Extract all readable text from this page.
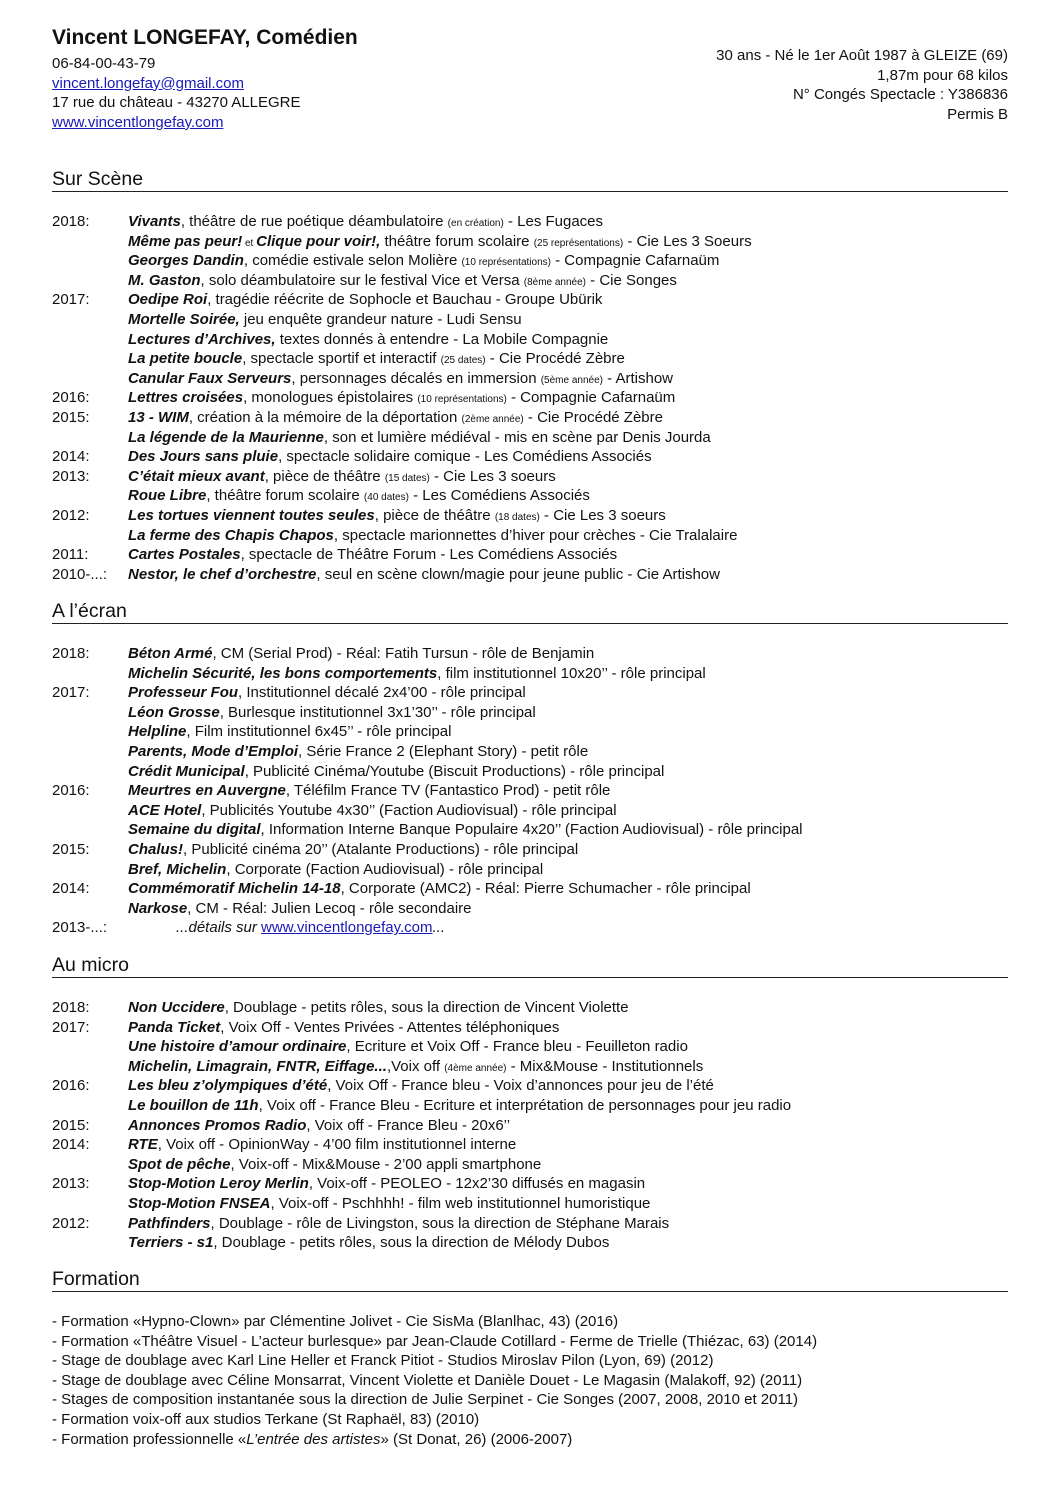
Vincent LONGEFAY, Comédien
06-84-00-43-79
vincent.longefay@gmail.com
17 rue du château - 43270 ALLEGRE
www.vincentlongefay.com
30 ans - Né le 1er Août 1987 à GLEIZE (69)
1,87m pour 68 kilos
N° Congés Spectacle : Y386836
Permis B
Sur Scène
2018:	Vivants, théâtre de rue poétique déambulatoire (en création) - Les Fugaces
Même pas peur! et Clique pour voir!, théâtre forum scolaire (25 représentations) - Cie Les 3 Soeurs
Georges Dandin, comédie estivale selon Molière (10 représentations) - Compagnie Cafarnaüm
M. Gaston, solo déambulatoire sur le festival Vice et Versa (8ème année) - Cie Songes
2017:	Oedipe Roi, tragédie réécrite de Sophocle et Bauchau - Groupe Ubürik
Mortelle Soirée, jeu enquête grandeur nature - Ludi Sensu
Lectures d’Archives, textes donnés à entendre - La Mobile Compagnie
La petite boucle, spectacle sportif et interactif (25 dates) - Cie Procédé Zèbre
Canular Faux Serveurs, personnages décalés en immersion (5ème année) - Artishow
2016:	Lettres croisées, monologues épistolaires (10 représentations) - Compagnie Cafarnaüm
2015:	13 - WIM, création à la mémoire de la déportation (2ème année) - Cie Procédé Zèbre
La légende de la Maurienne, son et lumière médiéval - mis en scène par Denis Jourda
2014:	Des Jours sans pluie, spectacle solidaire comique - Les Comédiens Associés
2013:	C’était mieux avant, pièce de théâtre (15 dates) - Cie Les 3 soeurs
Roue Libre, théâtre forum scolaire (40 dates) - Les Comédiens Associés
2012:	Les tortues viennent toutes seules, pièce de théâtre (18 dates) - Cie Les 3 soeurs
La ferme des Chapis Chapos, spectacle marionnettes d’hiver pour crèches - Cie Tralalaire
2011:	Cartes Postales, spectacle de Théâtre Forum - Les Comédiens Associés
2010-...:	Nestor, le chef d’orchestre, seul en scène clown/magie pour jeune public - Cie Artishow
A l’écran
2018:	Béton Armé, CM (Serial Prod) - Réal: Fatih Tursun - rôle de Benjamin
Michelin Sécurité, les bons comportements, film institutionnel 10x20’’ - rôle principal
2017:	Professeur Fou, Institutionnel décalé 2x4’00 - rôle principal
Léon Grosse, Burlesque institutionnel 3x1’30’’ - rôle principal
Helpline, Film institutionnel 6x45’’ - rôle principal
Parents, Mode d’Emploi, Série France 2 (Elephant Story) - petit rôle
Crédit Municipal, Publicité Cinéma/Youtube (Biscuit Productions) - rôle principal
2016:	Meurtres en Auvergne, Téléfilm France TV (Fantastico Prod) - petit rôle
ACE Hotel, Publicités Youtube 4x30’’ (Faction Audiovisual) - rôle principal
Semaine du digital, Information Interne Banque Populaire 4x20’’ (Faction Audiovisual) - rôle principal
2015:	Chalus!, Publicité cinéma 20’’ (Atalante Productions) - rôle principal
Bref, Michelin, Corporate (Faction Audiovisual) - rôle principal
2014:	Commémoratif Michelin 14-18, Corporate (AMC2) - Réal: Pierre Schumacher - rôle principal
Narkose, CM - Réal: Julien Lecoq - rôle secondaire
2013-...:	...détails sur www.vincentlongefay.com...
Au micro
2018:	Non Uccidere, Doublage - petits rôles, sous la direction de Vincent Violette
2017:	Panda Ticket, Voix Off - Ventes Privées - Attentes téléphoniques
Une histoire d’amour ordinaire, Ecriture et Voix Off - France bleu - Feuilleton radio
Michelin, Limagrain, FNTR, Eiffage...,Voix off (4ème année) - Mix&Mouse - Institutionnels
2016:	Les bleu z’olympiques d’été, Voix Off - France bleu - Voix d’annonces pour jeu de l’été
Le bouillon de 11h, Voix off - France Bleu - Ecriture et interprétation de personnages pour jeu radio
2015:	Annonces Promos Radio, Voix off - France Bleu - 20x6’’
2014:	RTE, Voix off - OpinionWay - 4’00 film institutionnel interne
Spot de pêche, Voix-off - Mix&Mouse - 2’00 appli smartphone
2013:	Stop-Motion Leroy Merlin, Voix-off - PEOLEO - 12x2’30 diffusés en magasin
Stop-Motion FNSEA, Voix-off - Pschhhh! - film web institutionnel humoristique
2012:	Pathfinders, Doublage - rôle de Livingston, sous la direction de Stéphane Marais
Terriers - s1, Doublage - petits rôles, sous la direction de Mélody Dubos
Formation
- Formation «Hypno-Clown» par Clémentine Jolivet - Cie SisMa (Blanlhac, 43) (2016)
- Formation «Théâtre Visuel - L’acteur burlesque» par Jean-Claude Cotillard - Ferme de Trielle (Thiézac, 63) (2014)
- Stage de doublage avec Karl Line Heller et Franck Pitiot - Studios Miroslav Pilon (Lyon, 69) (2012)
- Stage de doublage avec Céline Monsarrat, Vincent Violette et Danièle Douet - Le Magasin (Malakoff, 92) (2011)
- Stages de composition instantanée sous la direction de Julie Serpinet - Cie Songes (2007, 2008, 2010 et 2011)
- Formation voix-off aux studios Terkane (St Raphaël, 83) (2010)
- Formation professionnelle «L’entrée des artistes» (St Donat, 26) (2006-2007)
